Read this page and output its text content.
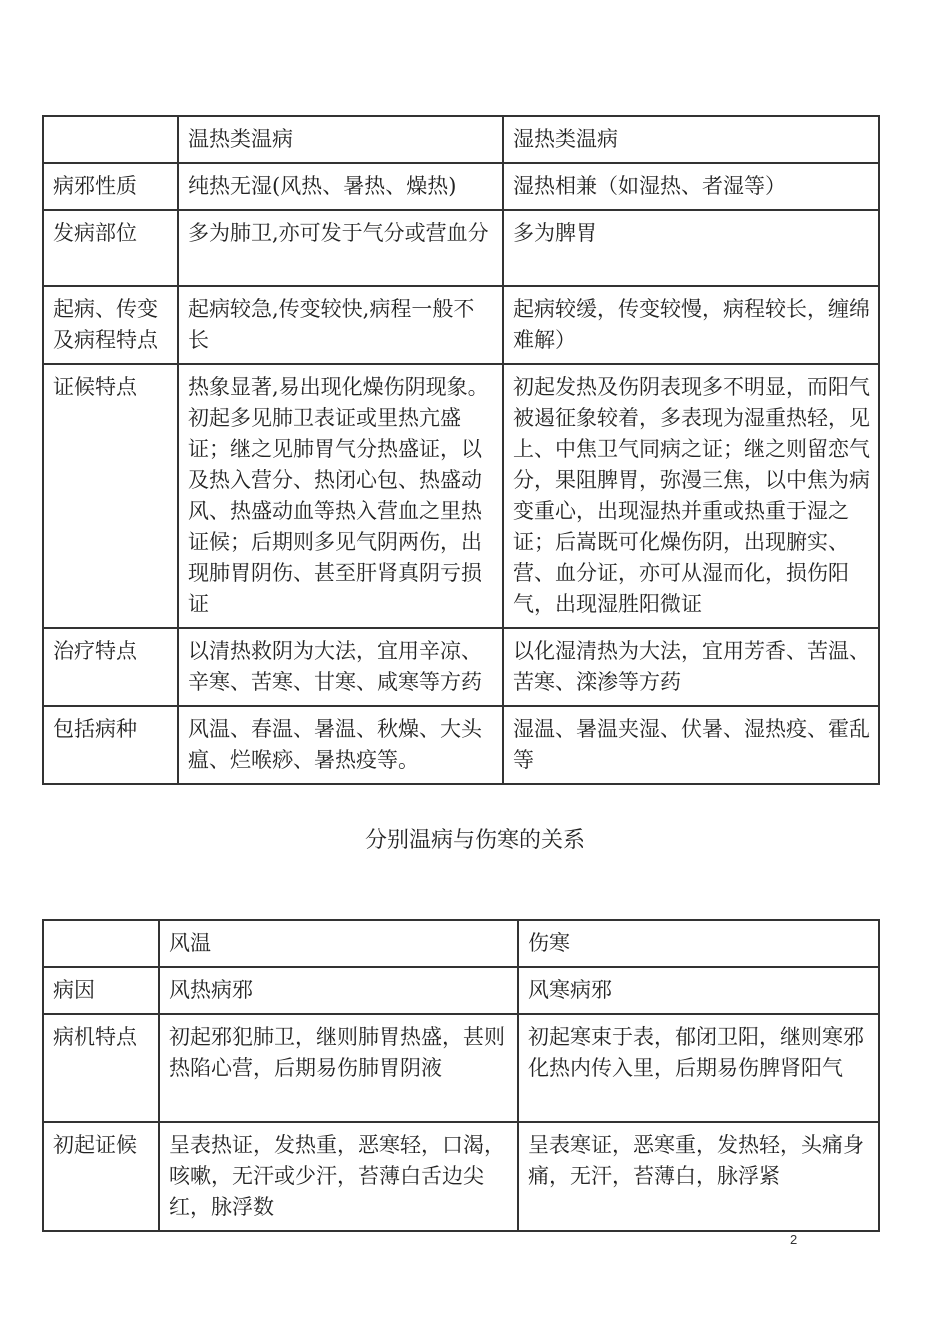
	温热类温病	湿热类温病
病邪性质	纯热无湿(风热、暑热、燥热)	湿热相兼（如湿热、者湿等）
发病部位	多为肺卫,亦可发于气分或营血分	多为脾胃
起病、传变及病程特点	起病较急,传变较快,病程一般不长	起病较缓，传变较慢，病程较长，缠绵难解）
证候特点	热象显著,易出现化燥伤阴现象。初起多见肺卫表证或里热亢盛证；继之见肺胃气分热盛证，以及热入营分、热闭心包、热盛动风、热盛动血等热入营血之里热证候；后期则多见气阴两伤，出现肺胃阴伤、甚至肝肾真阴亏损证	初起发热及伤阴表现多不明显，而阳气被遏征象较着，多表现为湿重热轻，见上、中焦卫气同病之证；继之则留恋气分，果阻脾胃，弥漫三焦，以中焦为病变重心，出现湿热并重或热重于湿之证；后嵩既可化燥伤阴，出现腑实、营、血分证，亦可从湿而化，损伤阳气，出现湿胜阳微证
治疗特点	以清热救阴为大法，宜用辛凉、辛寒、苦寒、甘寒、咸寒等方药	以化湿清热为大法，宜用芳香、苦温、苦寒、滦渗等方药
包括病种	风温、春温、暑温、秋燥、大头瘟、烂喉痧、暑热疫等。	湿温、暑温夹湿、伏暑、湿热疫、霍乱等
分别温病与伤寒的关系
	风温	伤寒
病因	风热病邪	风寒病邪
病机特点	初起邪犯肺卫，继则肺胃热盛，甚则热陷心营，后期易伤肺胃阴液	初起寒束于表，郁闭卫阳，继则寒邪化热内传入里，后期易伤脾肾阳气
初起证候	呈表热证，发热重，恶寒轻，口渴，咳嗽，无汗或少汗，苔薄白舌边尖红，脉浮数	呈表寒证，恶寒重，发热轻，头痛身痛，无汗，苔薄白，脉浮紧
2
